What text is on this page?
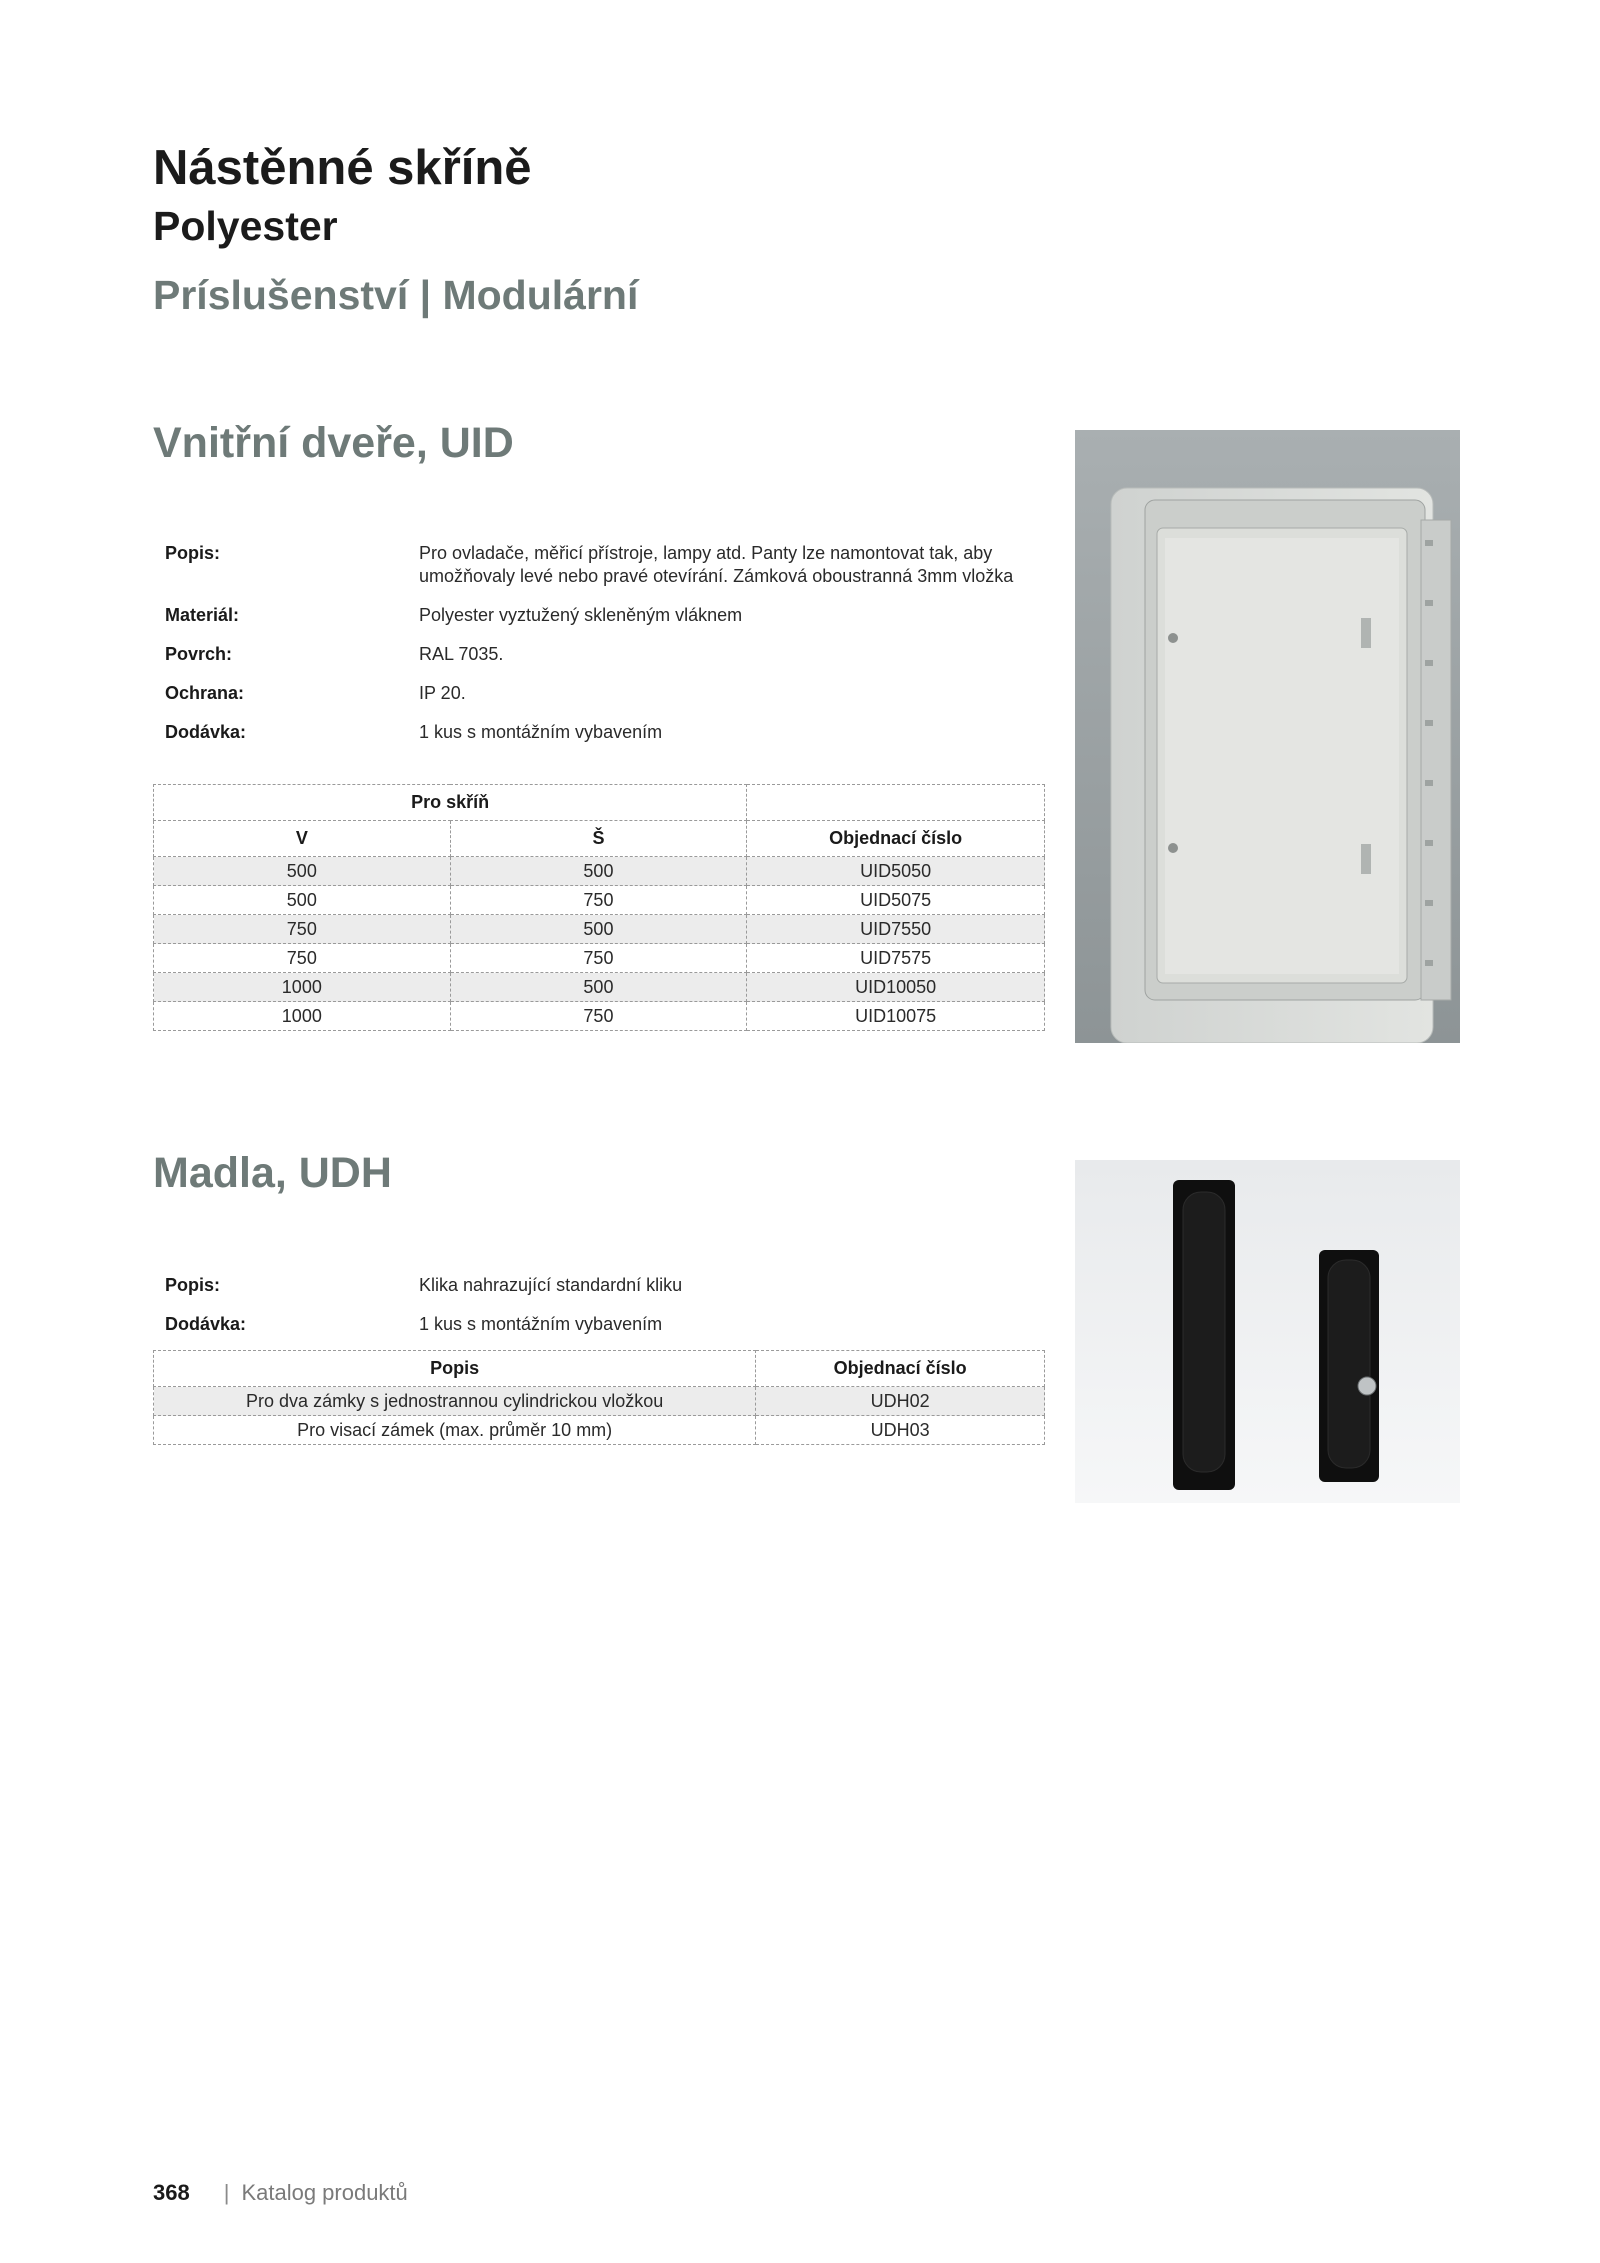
Nástěnné skříně
Polyester
Príslušenství | Modulární
Vnitřní dveře, UID
Popis:	Pro ovladače, měřicí přístroje, lampy atd. Panty lze namontovat tak, aby umožňovaly levé nebo pravé otevírání. Zámková oboustranná 3mm vložka
Materiál:	Polyester vyztužený skleněným vláknem
Povrch:	RAL 7035.
Ochrana:	IP 20.
Dodávka:	1 kus s montážním vybavením
Pro skříň		
V	Š	Objednací číslo
500	500	UID5050
500	750	UID5075
750	500	UID7550
750	750	UID7575
1000	500	UID10050
1000	750	UID10075
Madla, UDH
Popis:	Klika nahrazující standardní kliku
Dodávka:	1 kus s montážním vybavením
Popis	Objednací číslo
Pro dva zámky s jednostrannou cylindrickou vložkou	UDH02
Pro visací zámek (max. průměr 10 mm)	UDH03
368 | Katalog produktů
